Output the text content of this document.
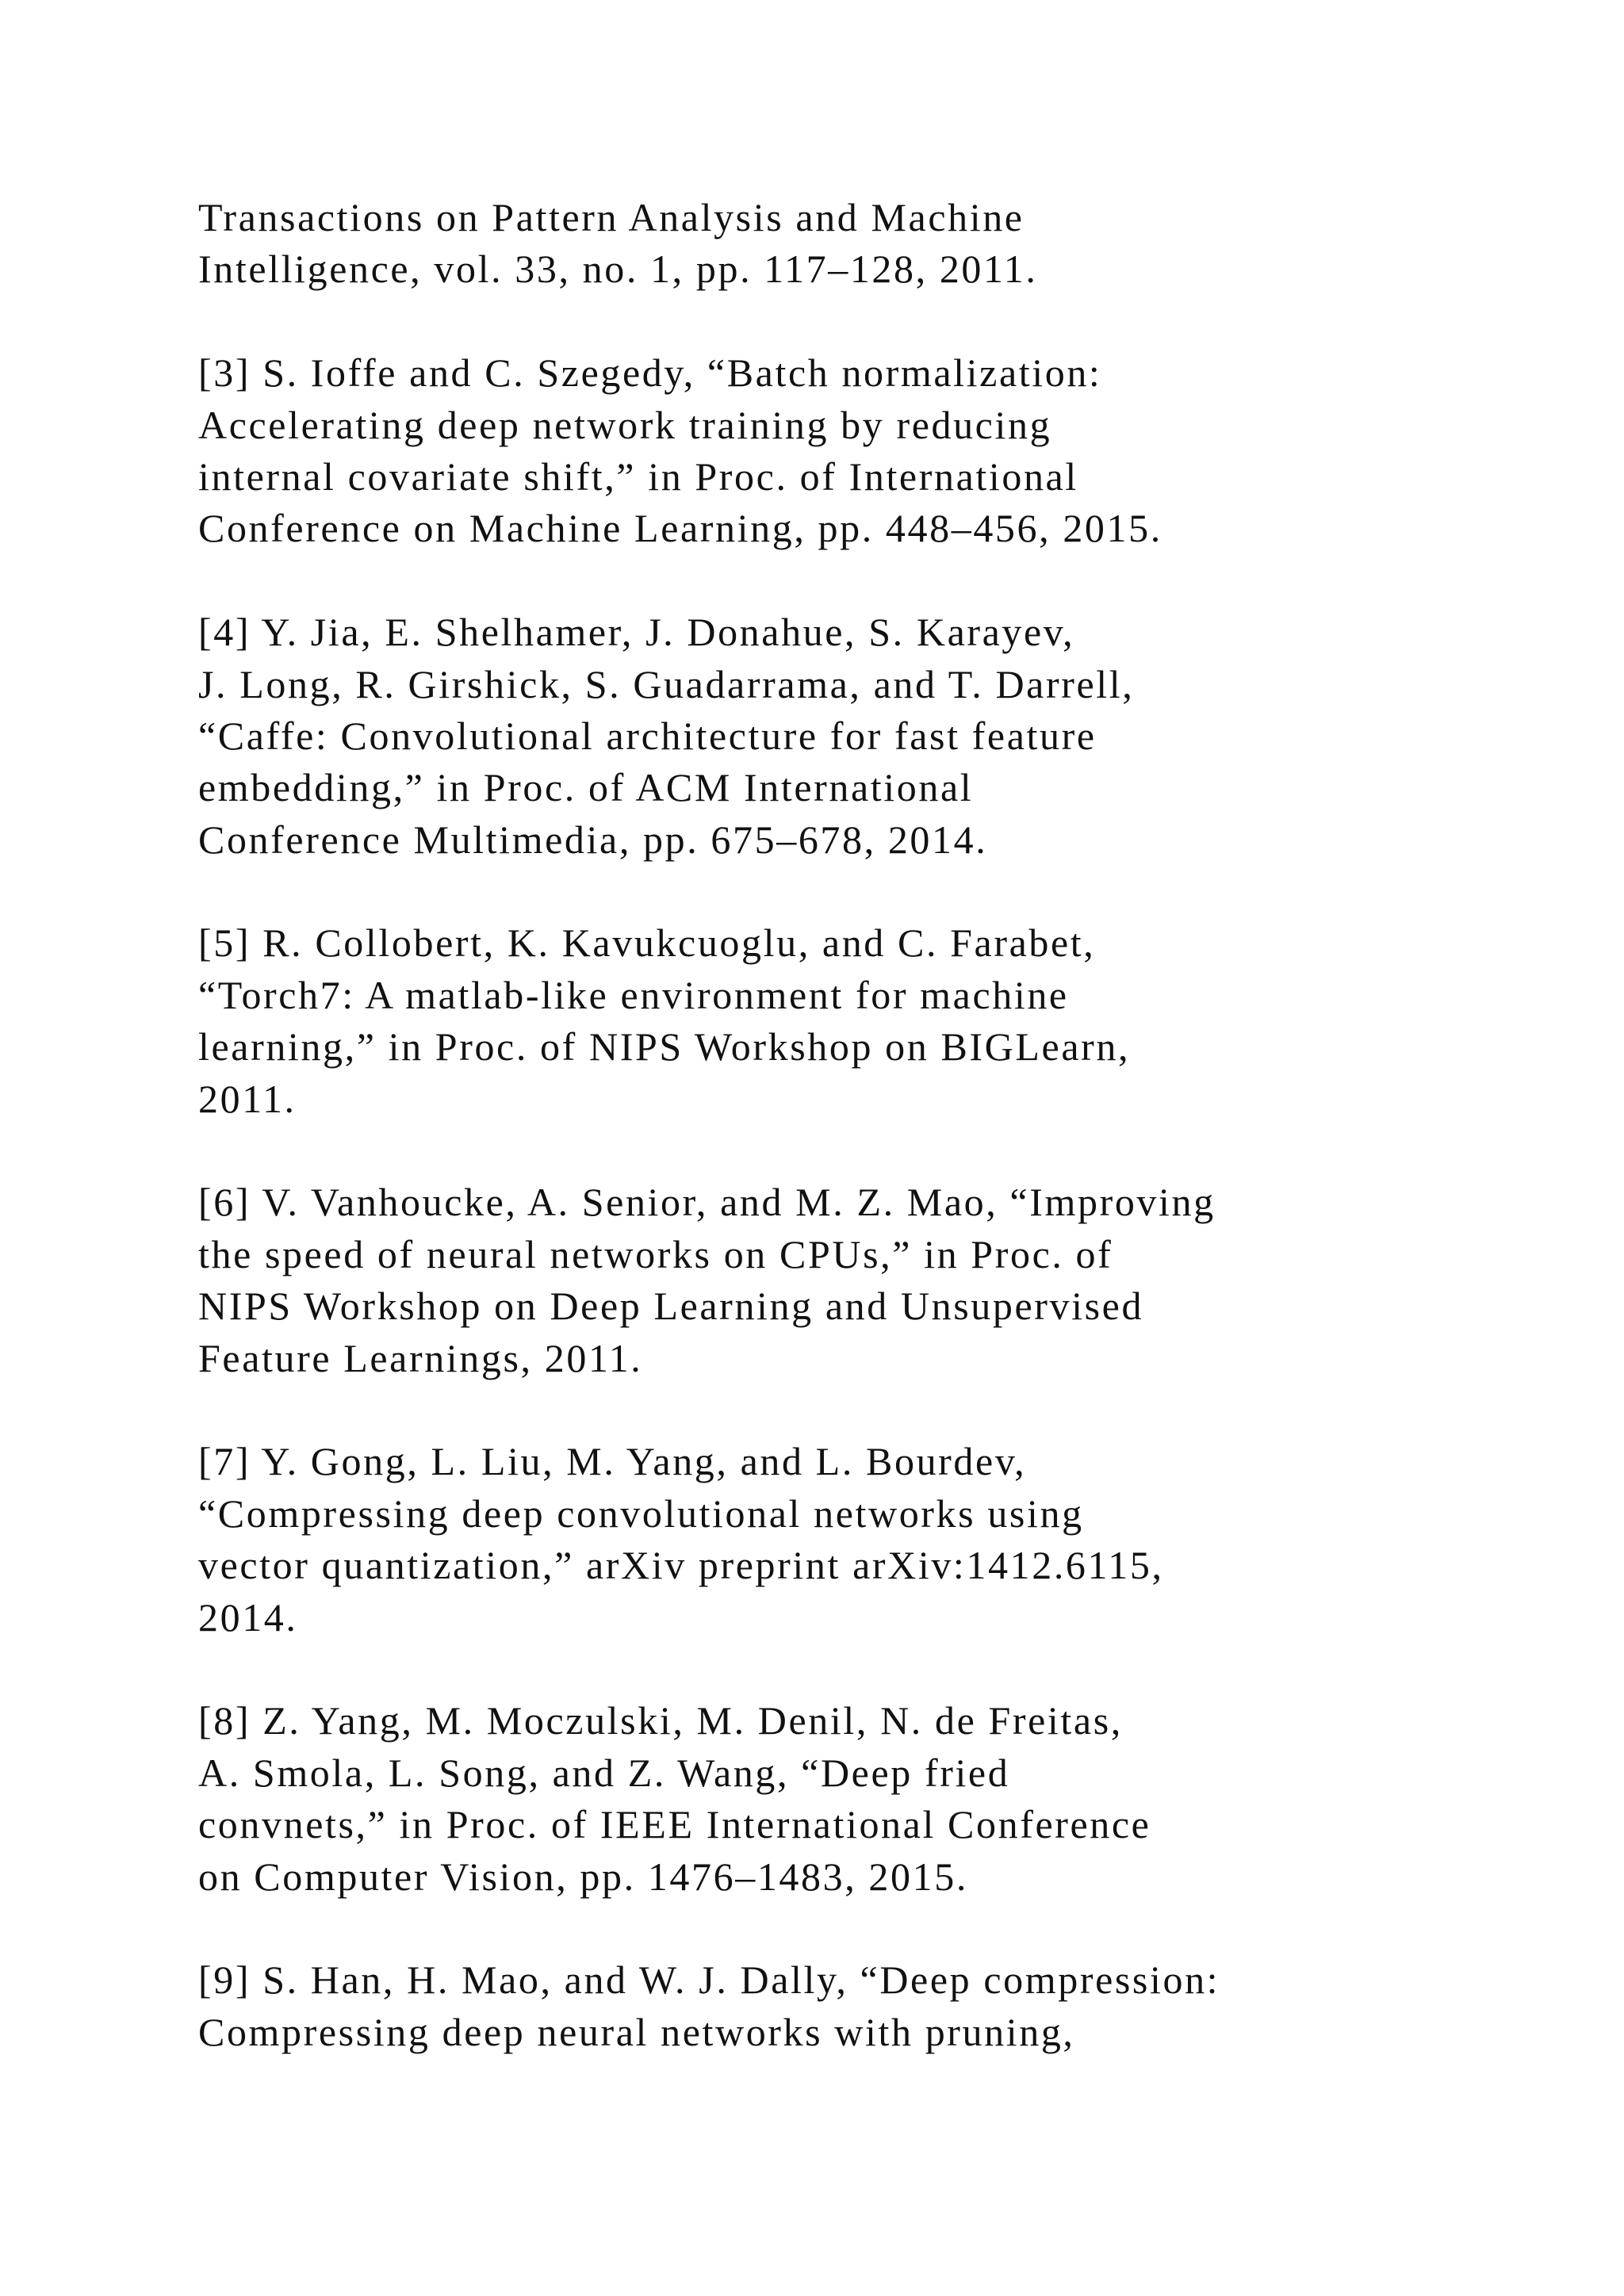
Transactions on Pattern Analysis and Machine
Intelligence, vol. 33, no. 1, pp. 117–128, 2011.
[3] S. Ioffe and C. Szegedy, “Batch normalization:
Accelerating deep network training by reducing
internal covariate shift,” in Proc. of International
Conference on Machine Learning, pp. 448–456, 2015.
[4] Y. Jia, E. Shelhamer, J. Donahue, S. Karayev,
J. Long, R. Girshick, S. Guadarrama, and T. Darrell,
“Caffe: Convolutional architecture for fast feature
embedding,” in Proc. of ACM International
Conference Multimedia, pp. 675–678, 2014.
[5] R. Collobert, K. Kavukcuoglu, and C. Farabet,
“Torch7: A matlab-like environment for machine
learning,” in Proc. of NIPS Workshop on BIGLearn,
2011.
[6] V. Vanhoucke, A. Senior, and M. Z. Mao, “Improving
the speed of neural networks on CPUs,” in Proc. of
NIPS Workshop on Deep Learning and Unsupervised
Feature Learnings, 2011.
[7] Y. Gong, L. Liu, M. Yang, and L. Bourdev,
“Compressing deep convolutional networks using
vector quantization,” arXiv preprint arXiv:1412.6115,
2014.
[8] Z. Yang, M. Moczulski, M. Denil, N. de Freitas,
A. Smola, L. Song, and Z. Wang, “Deep fried
convnets,” in Proc. of IEEE International Conference
on Computer Vision, pp. 1476–1483, 2015.
[9] S. Han, H. Mao, and W. J. Dally, “Deep compression:
Compressing deep neural networks with pruning,
